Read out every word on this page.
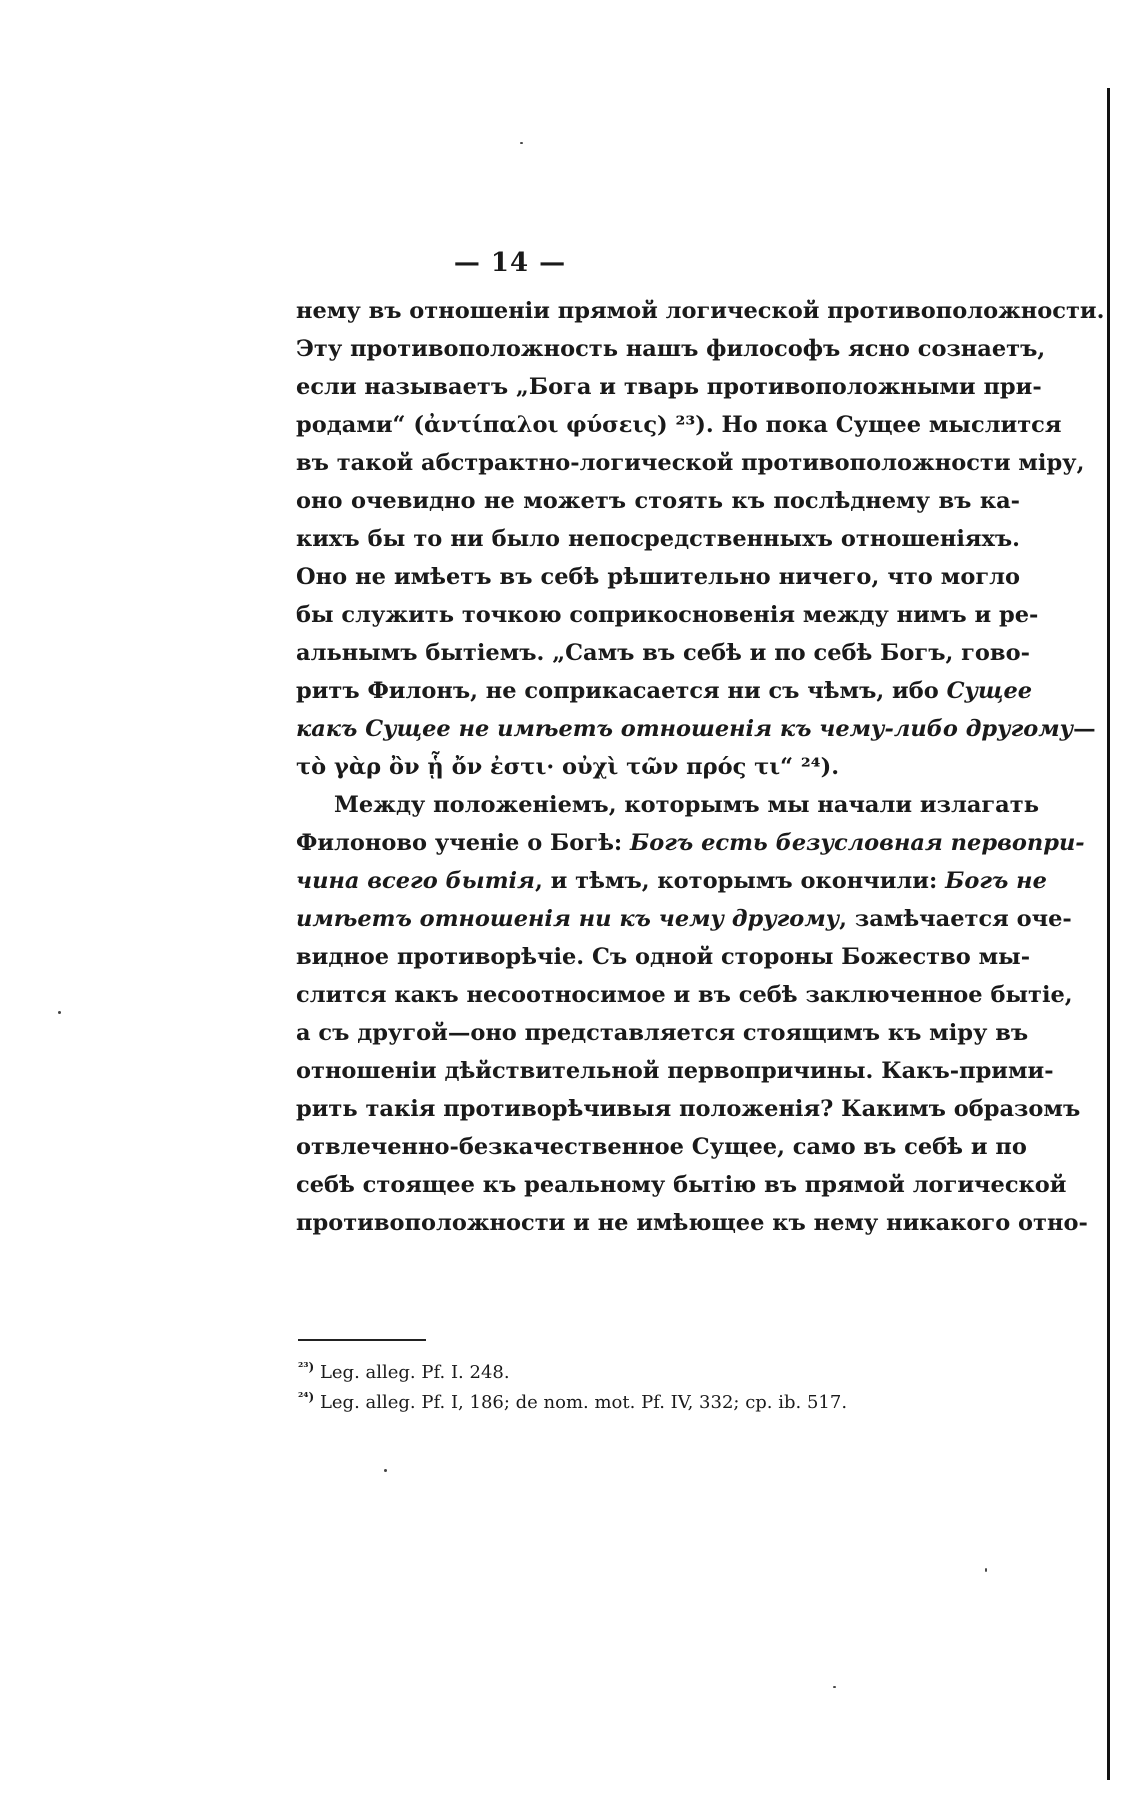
— 14 —
нему въ отношеніи прямой логической противоположности.
Эту противоположность нашъ философъ ясно сознаетъ,
если называетъ „Бога и тварь противоположными при-
родами“ (ἀντίπαλοι φύσεις) ²³). Но пока Сущее мыслится
въ такой абстрактно-логической противоположности міру,
оно очевидно не можетъ стоять къ послѣднему въ ка-
кихъ бы то ни было непосредственныхъ отношеніяхъ.
Оно не имѣетъ въ себѣ рѣшительно ничего, что могло
бы служить точкою соприкосновенія между нимъ и ре-
альнымъ бытіемъ. „Самъ въ себѣ и по себѣ Богъ, гово-
ритъ Филонъ, не соприкасается ни съ чѣмъ, ибо Сущее
какъ Сущее не имѣетъ отношенія къ чему-либо другому—
τὸ γὰρ ὂν ᾗ ὄν ἐστι· οὐχὶ τῶν πρός τι“ ²⁴).
Между положеніемъ, которымъ мы начали излагать
Филоново ученіе о Богѣ: Богъ есть безусловная первопри-
чина всего бытія, и тѣмъ, которымъ окончили: Богъ не
имѣетъ отношенія ни къ чему другому, замѣчается оче-
видное противорѣчіе. Съ одной стороны Божество мы-
слится какъ несоотносимое и въ себѣ заключенное бытіе,
а съ другой—оно представляется стоящимъ къ міру въ
отношеніи дѣйствительной первопричины. Какъ-прими-
рить такія противорѣчивыя положенія? Какимъ образомъ
отвлеченно-безкачественное Сущее, само въ себѣ и по
себѣ стоящее къ реальному бытію въ прямой логической
противоположности и не имѣющее къ нему никакого отно-
$^{^{23})}$ Leg. alleg. Pf. I. 248.
$^{^{24})}$ Leg. alleg. Pf. I, 186; de nom. mot. Pf. IV, 332; cp. ib. 517.
